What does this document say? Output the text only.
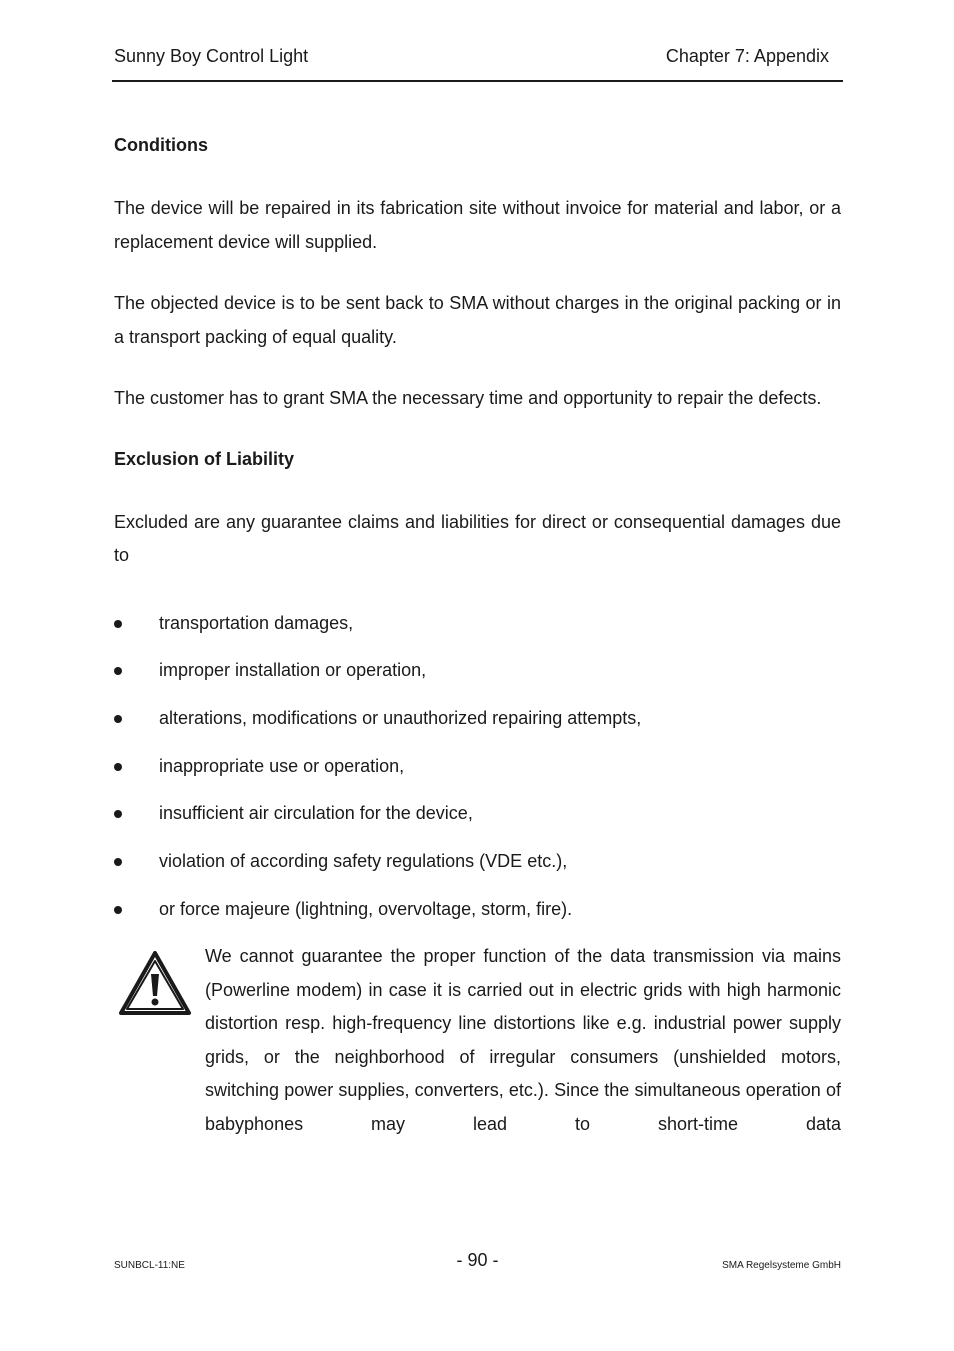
Sunny Boy Control Light	Chapter 7: Appendix
Conditions

The device will be repaired in its fabrication site without invoice for material and labor, or a replacement device will supplied.

The objected device is to be sent back to SMA without charges in the original packing or in a transport packing of equal quality.

The customer has to grant SMA the necessary time and opportunity to repair the defects.

Exclusion of Liability

Excluded are any guarantee claims and liabilities for direct or consequential damages due to

transportation damages,
improper installation or operation,
alterations, modifications or unauthorized repairing attempts,
inappropriate use or operation,
insufficient air circulation for the device,
violation of according safety regulations (VDE etc.),
or force majeure (lightning, overvoltage, storm, fire).

We cannot guarantee the proper function of the data transmission via mains (Powerline modem) in case it is carried out in electric grids with high harmonic distortion resp. high-frequency line distortions like e.g. industrial power supply grids, or the neighborhood of irregular consumers (unshielded motors, switching power supplies, converters, etc.). Since the simultaneous operation of babyphones may lead to short-time data

SUNBCL-11:NE	- 90 -	SMA Regelsysteme GmbH
